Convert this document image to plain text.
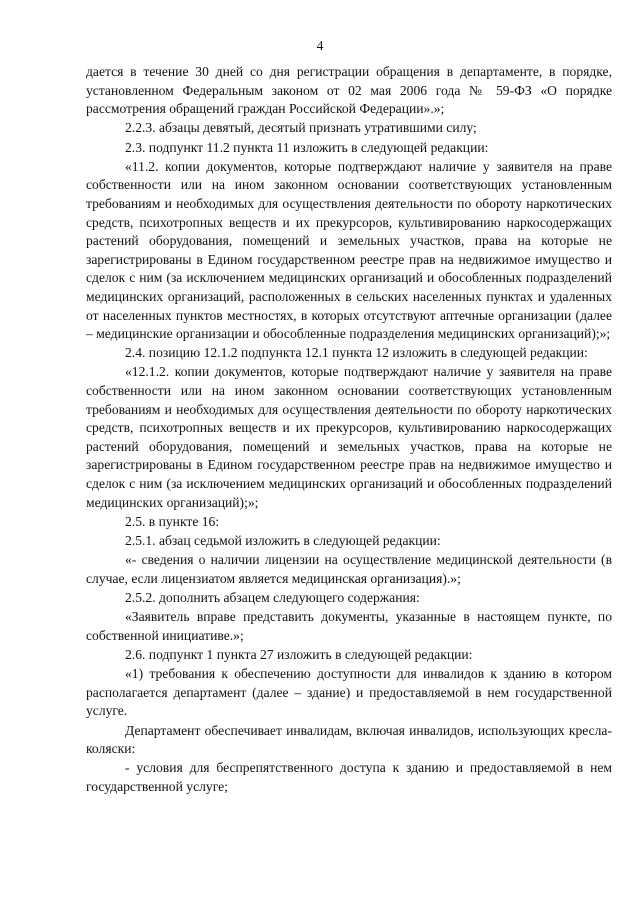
4

дается в течение 30 дней со дня регистрации обращения в департаменте, в порядке, установленном Федеральным законом от 02 мая 2006 года № 59-ФЗ «О порядке рассмотрения обращений граждан Российской Федерации».»;

2.2.3. абзацы девятый, десятый признать утратившими силу;

2.3. подпункт 11.2 пункта 11 изложить в следующей редакции:

«11.2. копии документов, которые подтверждают наличие у заявителя на праве собственности или на ином законном основании соответствующих установленным требованиям и необходимых для осуществления деятельности по обороту наркотических средств, психотропных веществ и их прекурсоров, культивированию наркосодержащих растений оборудования, помещений и земельных участков, права на которые не зарегистрированы в Едином государственном реестре прав на недвижимое имущество и сделок с ним (за исключением медицинских организаций и обособленных подразделений медицинских организаций, расположенных в сельских населенных пунктах и удаленных от населенных пунктов местностях, в которых отсутствуют аптечные организации (далее – медицинские организации и обособленные подразделения медицинских организаций);»;

2.4. позицию 12.1.2 подпункта 12.1 пункта 12 изложить в следующей редакции:

«12.1.2. копии документов, которые подтверждают наличие у заявителя на праве собственности или на ином законном основании соответствующих установленным требованиям и необходимых для осуществления деятельности по обороту наркотических средств, психотропных веществ и их прекурсоров, культивированию наркосодержащих растений оборудования, помещений и земельных участков, права на которые не зарегистрированы в Едином государственном реестре прав на недвижимое имущество и сделок с ним (за исключением медицинских организаций и обособленных подразделений медицинских организаций);»;

2.5. в пункте 16:

2.5.1. абзац седьмой изложить в следующей редакции:

«- сведения о наличии лицензии на осуществление медицинской деятельности (в случае, если лицензиатом является медицинская организация).»;

2.5.2. дополнить абзацем следующего содержания:

«Заявитель вправе представить документы, указанные в настоящем пункте, по собственной инициативе.»;

2.6. подпункт 1 пункта 27 изложить в следующей редакции:

«1) требования к обеспечению доступности для инвалидов к зданию в котором располагается департамент (далее – здание) и предоставляемой в нем государственной услуге.

Департамент обеспечивает инвалидам, включая инвалидов, использующих кресла-коляски:

- условия для беспрепятственного доступа к зданию и предоставляемой в нем государственной услуге;
